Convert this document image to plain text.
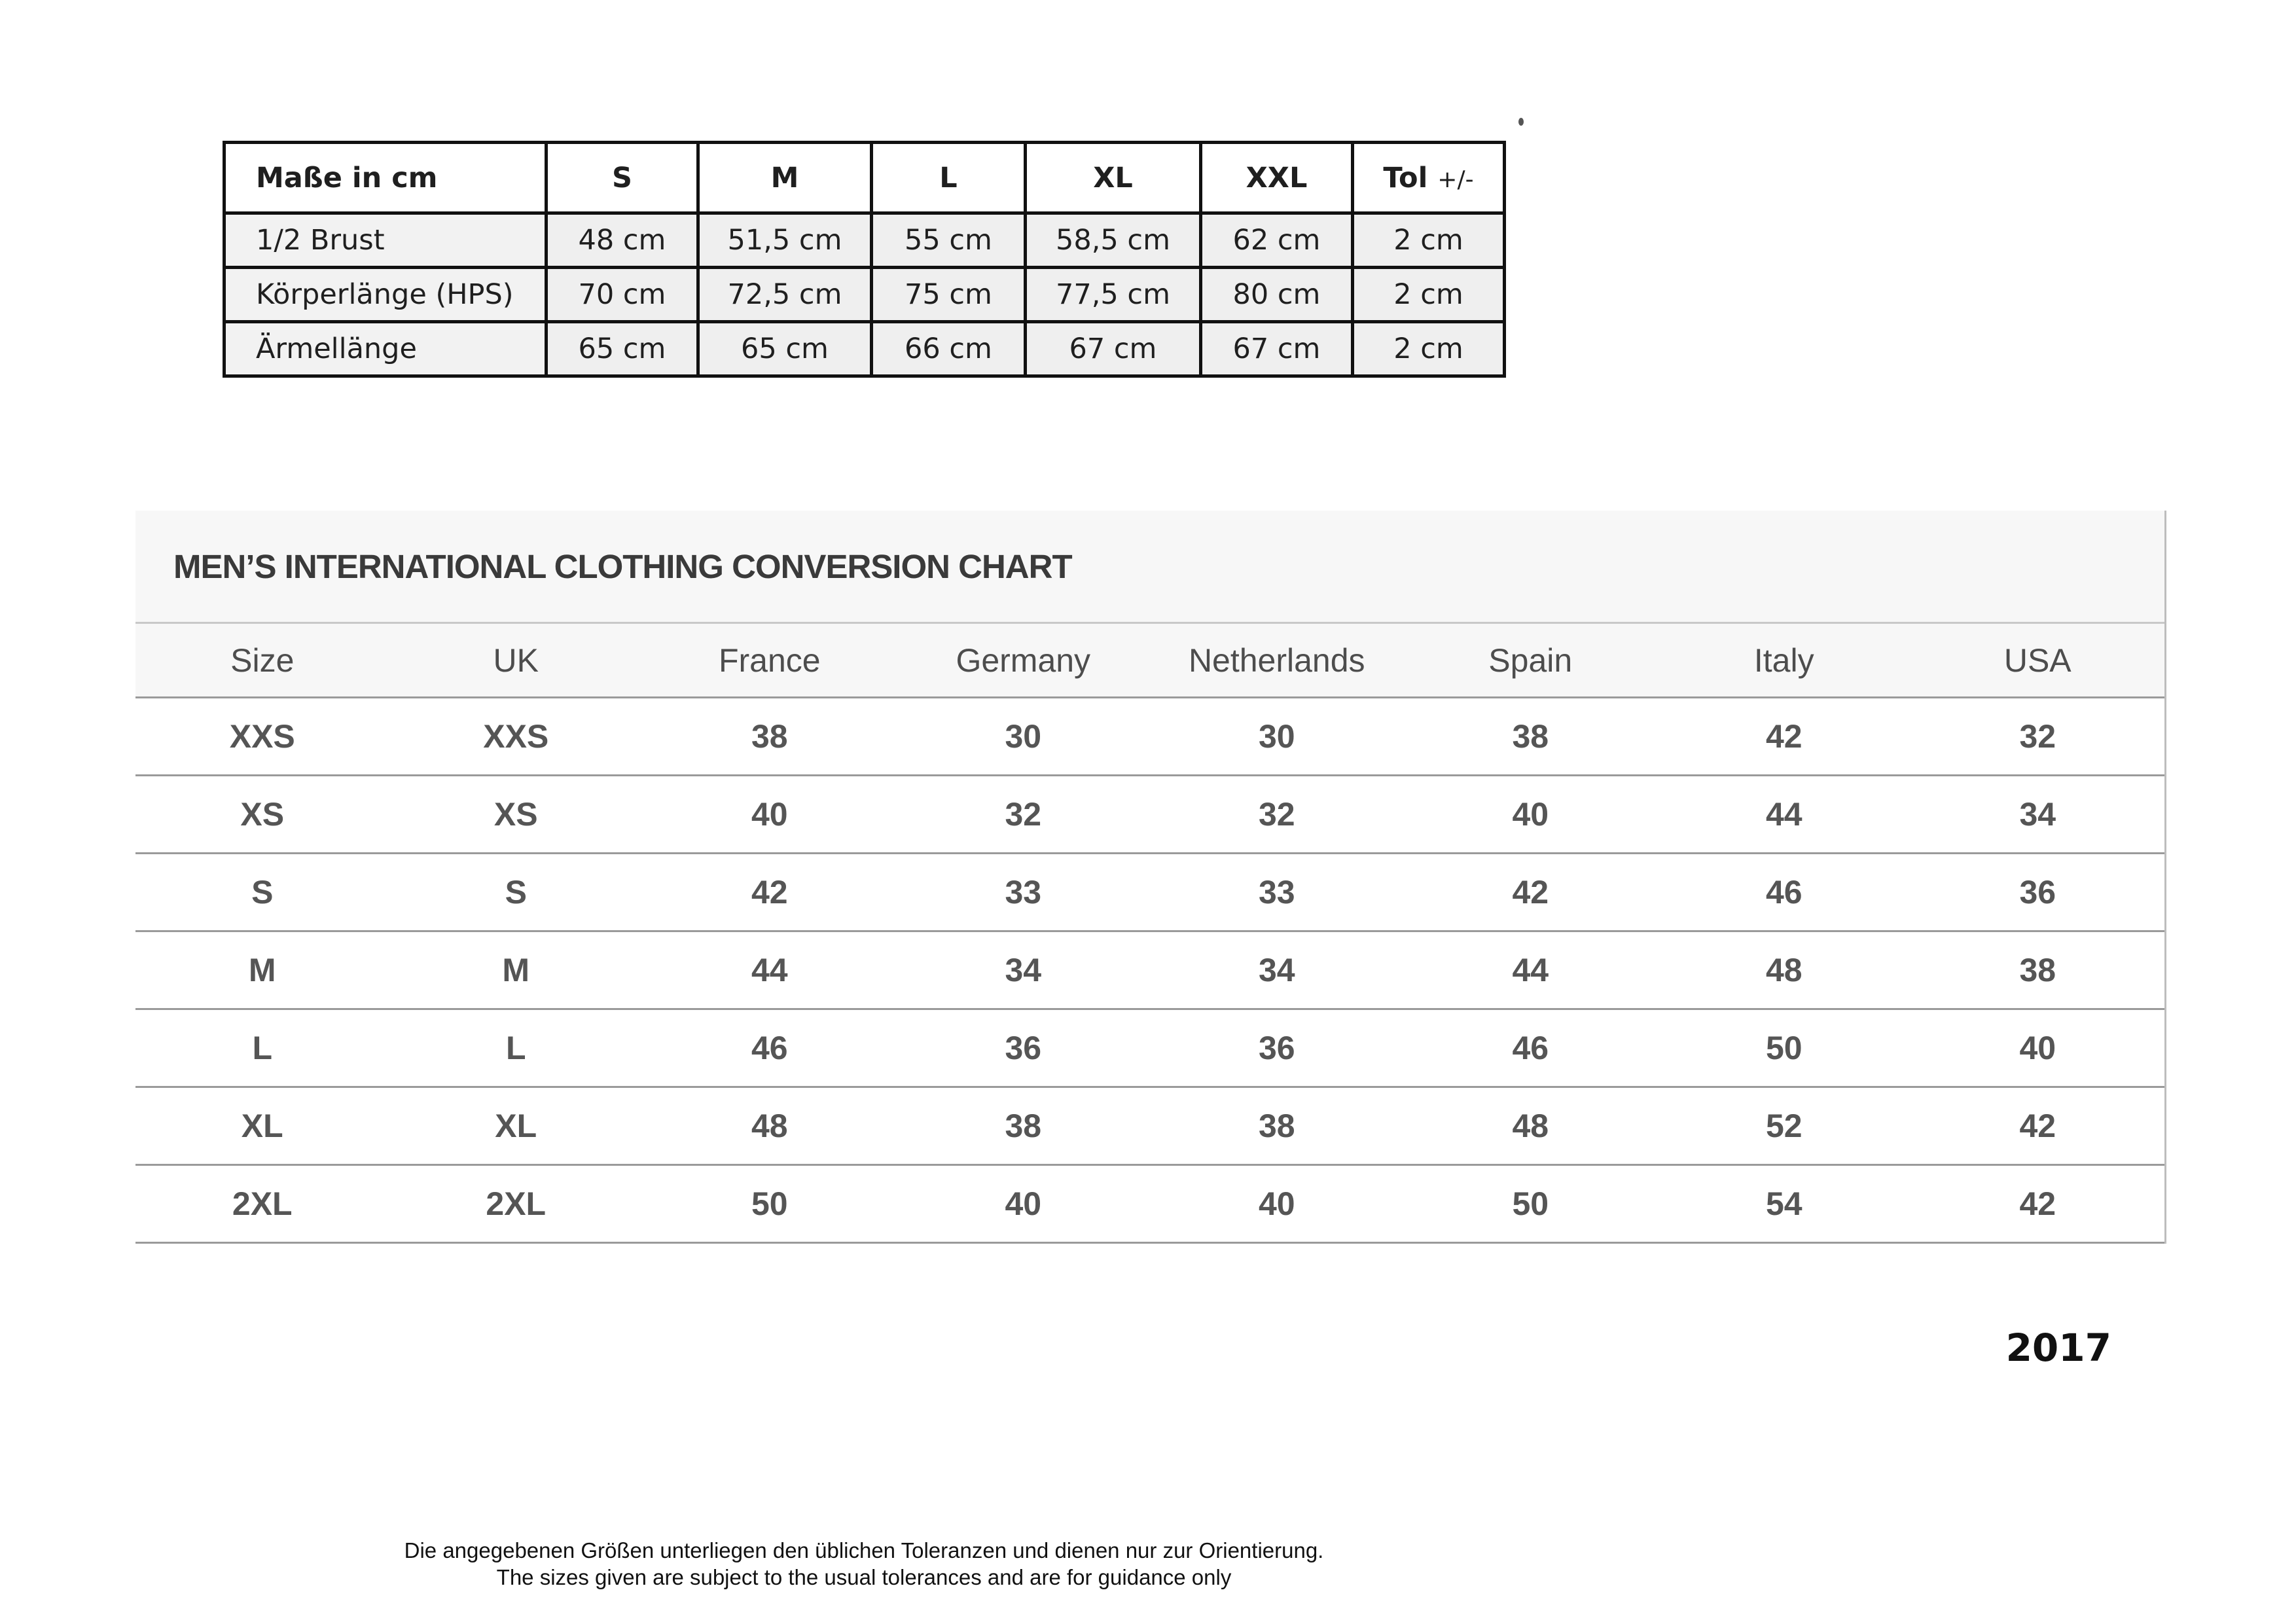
Maße in cm	S	M	L	XL	XXL	Tol +/-
1/2 Brust	48 cm	51,5 cm	55 cm	58,5 cm	62 cm	2 cm
Körperlänge (HPS)	70 cm	72,5 cm	75 cm	77,5 cm	80 cm	2 cm
Ärmellänge	65 cm	65 cm	66 cm	67 cm	67 cm	2 cm
MEN’S INTERNATIONAL CLOTHING CONVERSION CHART
Size	UK	France	Germany	Netherlands	Spain	Italy	USA
XXS	XXS	38	30	30	38	42	32
XS	XS	40	32	32	40	44	34
S	S	42	33	33	42	46	36
M	M	44	34	34	44	48	38
L	L	46	36	36	46	50	40
XL	XL	48	38	38	48	52	42
2XL	2XL	50	40	40	50	54	42
2017
Die angegebenen Größen unterliegen den üblichen Toleranzen und dienen nur zur Orientierung.
The sizes given are subject to the usual tolerances and are for guidance only
